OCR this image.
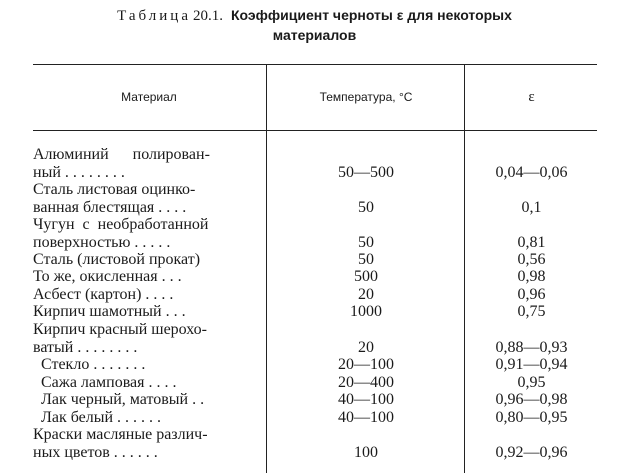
Таблица 20.1. Коэффициент черноты ε для некоторых
материалов
Материал	Температура, °С	ε
Алюминий      полирован-
ный . . . . . . . .	50—500	0,04—0,06
Сталь листовая оцинко-
ванная блестящая . . . .	50	0,1
Чугун  с  необработанной
поверхностью . . . . .	50	0,81
Сталь (листовой прокат)	50	0,56
То же, окисленная . . .	500	0,98
Асбест (картон) . . . .	20	0,96
Кирпич шамотный . . .	1000	0,75
Кирпич красный шерохо-
ватый . . . . . . . .	20	0,88—0,93
Стекло . . . . . . .	20—100	0,91—0,94
Сажа ламповая . . . .	20—400	0,95
Лак черный, матовый . .	40—100	0,96—0,98
Лак белый . . . . . .	40—100	0,80—0,95
Краски масляные различ-
ных цветов . . . . . .	100	0,92—0,96
